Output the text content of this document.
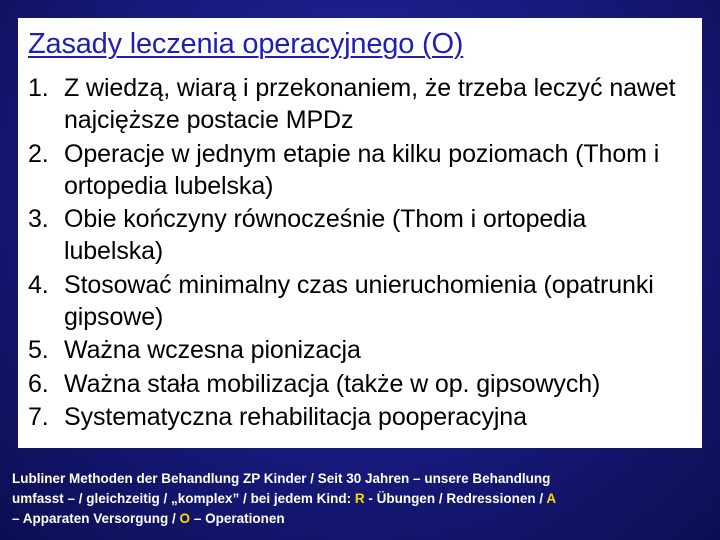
Zasady leczenia operacyjnego (O)
1. Z wiedzą, wiarą i przekonaniem, że trzeba leczyć nawet najcięższe postacie MPDz
2. Operacje w jednym etapie na kilku poziomach (Thom i ortopedia lubelska)
3. Obie kończyny równocześnie (Thom i ortopedia lubelska)
4. Stosować minimalny czas unieruchomienia (opatrunki gipsowe)
5. Ważna wczesna pionizacja
6. Ważna stała mobilizacja (także w op. gipsowych)
7. Systematyczna rehabilitacja pooperacyjna
Lubliner Methoden der Behandlung ZP Kinder / Seit 30 Jahren – unsere Behandlung
umfasst – / gleichzeitig / „komplex” / bei jedem Kind: R - Übungen / Redressionen / A
– Apparaten Versorgung / O – Operationen
